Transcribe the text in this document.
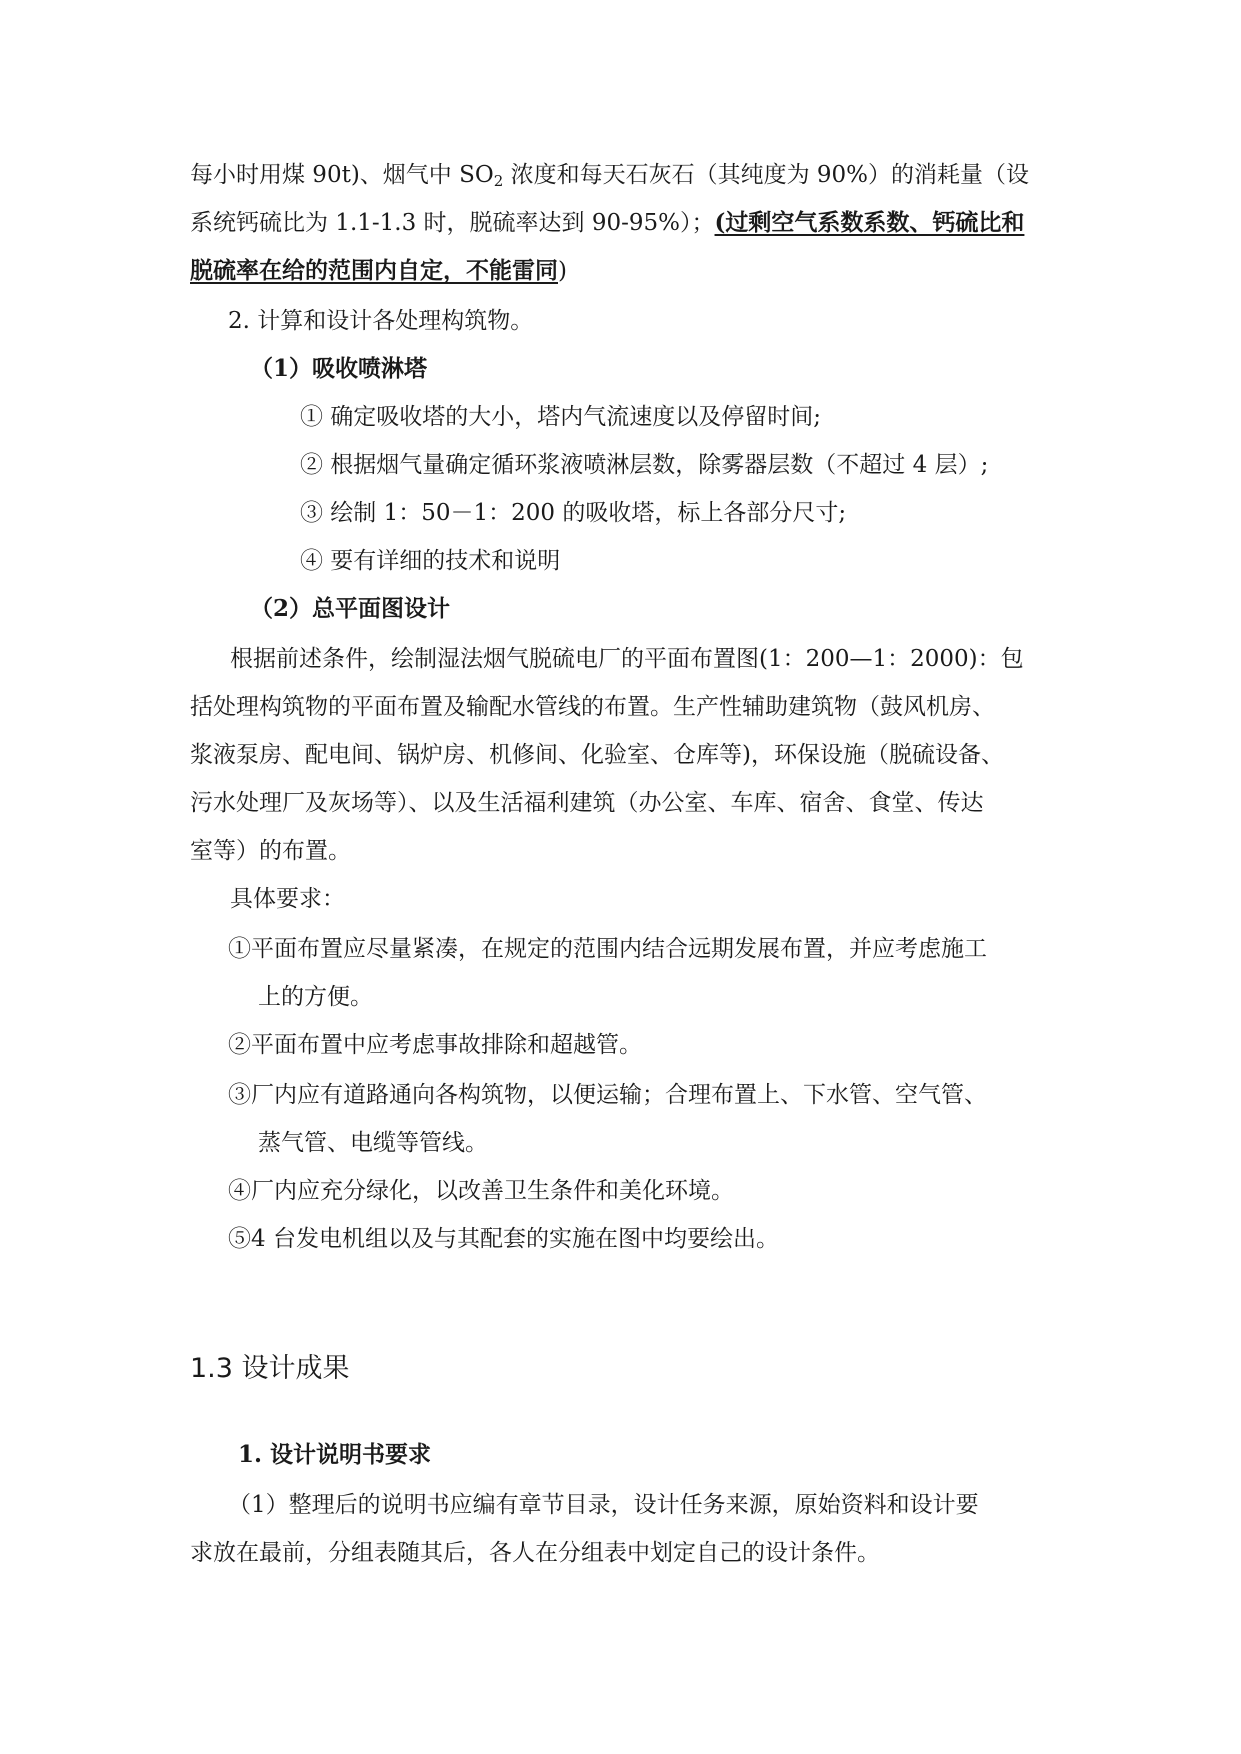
每小时用煤 90t)、烟气中 $SO_2$ 浓度和每天石灰石（其纯度为 90%）的消耗量（设
系统钙硫比为 1.1-1.3 时，脱硫率达到 90-95%）；(过剩空气系数系数、钙硫比和
脱硫率在给的范围内自定，不能雷同)
2. 计算和设计各处理构筑物。
（1）吸收喷淋塔
① 确定吸收塔的大小，塔内气流速度以及停留时间;
② 根据烟气量确定循环浆液喷淋层数，除雾器层数（不超过 4 层）;
③ 绘制 1：50－1：200 的吸收塔，标上各部分尺寸;
④ 要有详细的技术和说明
（2）总平面图设计
根据前述条件，绘制湿法烟气脱硫电厂的平面布置图(1：200—1：2000)：包
括处理构筑物的平面布置及输配水管线的布置。生产性辅助建筑物（鼓风机房、
浆液泵房、配电间、锅炉房、机修间、化验室、仓库等)，环保设施（脱硫设备、
污水处理厂及灰场等）、以及生活福利建筑（办公室、车库、宿舍、食堂、传达
室等）的布置。
具体要求：
①平面布置应尽量紧凑，在规定的范围内结合远期发展布置，并应考虑施工
上的方便。
②平面布置中应考虑事故排除和超越管。
③厂内应有道路通向各构筑物，以便运输；合理布置上、下水管、空气管、
蒸气管、电缆等管线。
④厂内应充分绿化，以改善卫生条件和美化环境。
⑤4 台发电机组以及与其配套的实施在图中均要绘出。
1.3 设计成果
1. 设计说明书要求
（1）整理后的说明书应编有章节目录，设计任务来源，原始资料和设计要
求放在最前，分组表随其后，各人在分组表中划定自己的设计条件。
